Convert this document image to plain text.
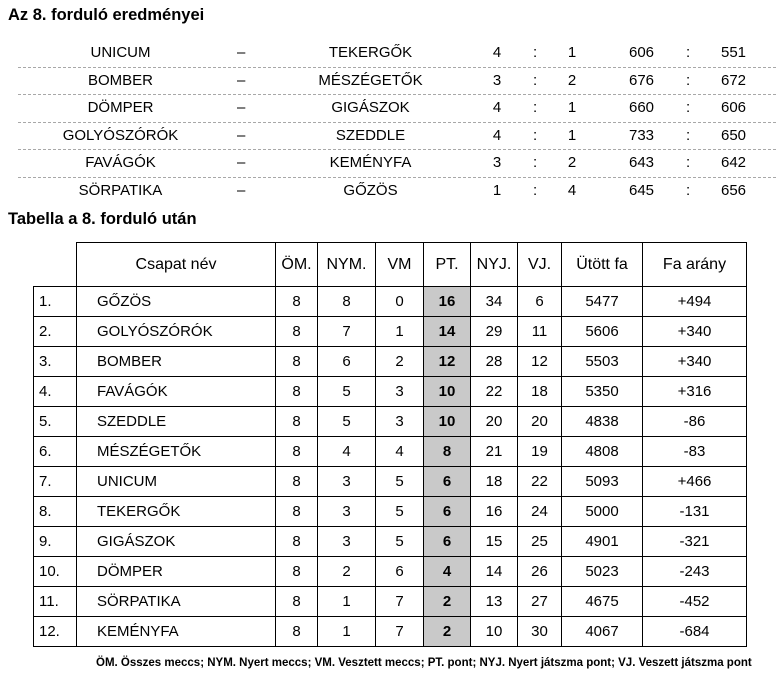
Az 8. forduló eredményei
UNICUM	–	TEKERGŐK	4	:	1	606 : 551
BOMBER	–	MÉSZÉGETŐK	3	:	2	676 : 672
DÖMPER	–	GIGÁSZOK	4	:	1	660 : 606
GOLYÓSZÓRÓK	–	SZEDDLE	4	:	1	733 : 650
FAVÁGÓK	–	KEMÉNYFA	3	:	2	643 : 642
SÖRPATIKA	–	GŐZÖS	1	:	4	645 : 656
Tabella a 8. forduló után
	Csapat név	ÖM.	NYM.	VM	PT.	NYJ.	VJ.	Ütött fa	Fa arány
1.	GŐZÖS	8	8	0	16	34	6	5477	+494
2.	GOLYÓSZÓRÓK	8	7	1	14	29	11	5606	+340
3.	BOMBER	8	6	2	12	28	12	5503	+340
4.	FAVÁGÓK	8	5	3	10	22	18	5350	+316
5.	SZEDDLE	8	5	3	10	20	20	4838	-86
6.	MÉSZÉGETŐK	8	4	4	8	21	19	4808	-83
7.	UNICUM	8	3	5	6	18	22	5093	+466
8.	TEKERGŐK	8	3	5	6	16	24	5000	-131
9.	GIGÁSZOK	8	3	5	6	15	25	4901	-321
10.	DÖMPER	8	2	6	4	14	26	5023	-243
11.	SÖRPATIKA	8	1	7	2	13	27	4675	-452
12.	KEMÉNYFA	8	1	7	2	10	30	4067	-684
ÖM. Összes meccs; NYM. Nyert meccs; VM. Vesztett meccs; PT. pont; NYJ. Nyert játszma pont; VJ. Veszett játszma pont
